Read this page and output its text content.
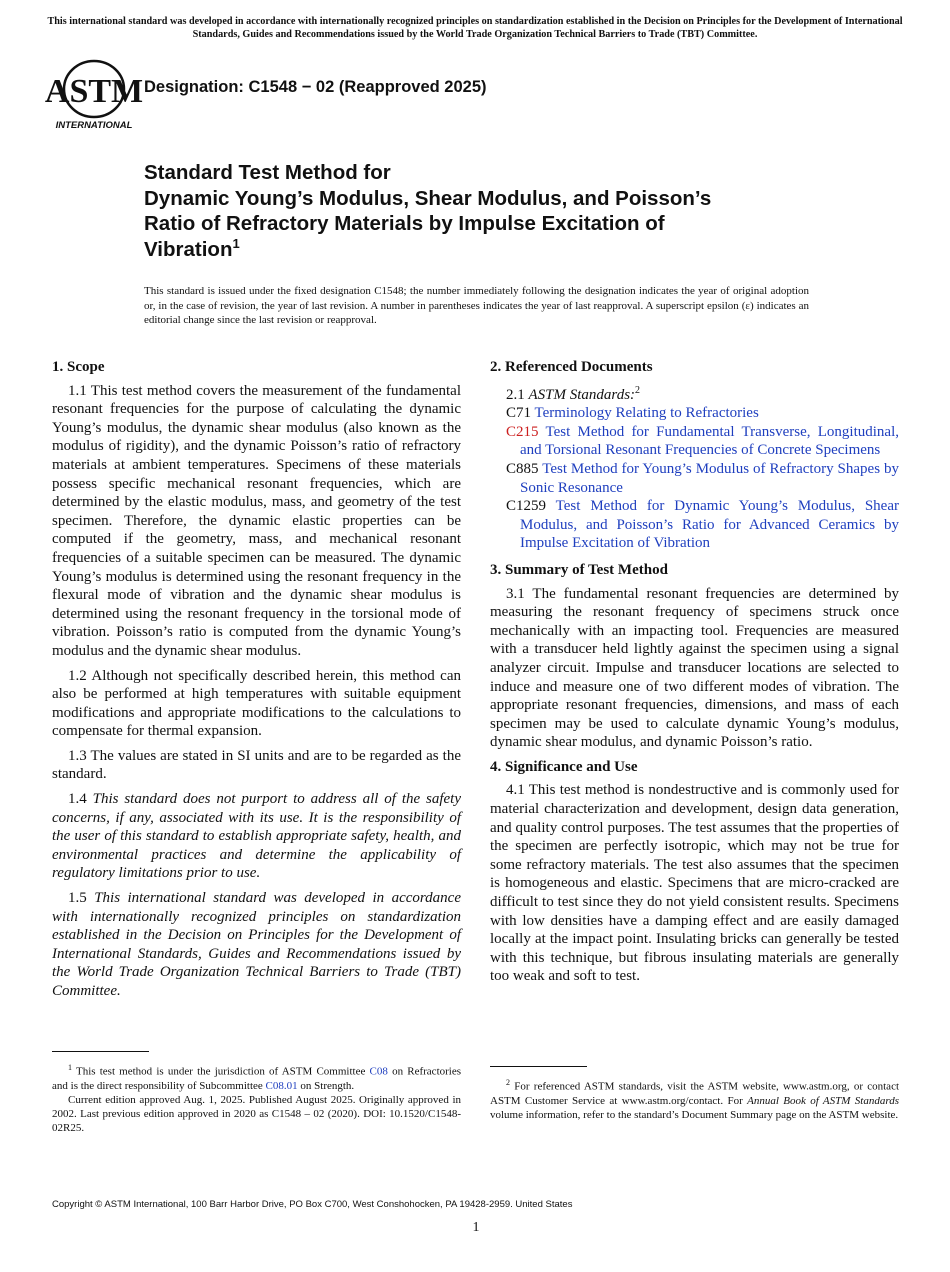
This international standard was developed in accordance with internationally recognized principles on standardization established in the Decision on Principles for the Development of International Standards, Guides and Recommendations issued by the World Trade Organization Technical Barriers to Trade (TBT) Committee.
ASTM
INTERNATIONAL
Designation: C1548 − 02 (Reapproved 2025)
Standard Test Method for
Dynamic Young’s Modulus, Shear Modulus, and Poisson’s
Ratio of Refractory Materials by Impulse Excitation of
Vibration$^1$
This standard is issued under the fixed designation C1548; the number immediately following the designation indicates the year of original adoption or, in the case of revision, the year of last revision. A number in parentheses indicates the year of last reapproval. A superscript epsilon (ε) indicates an editorial change since the last revision or reapproval.
1. Scope

1.1 This test method covers the measurement of the fundamental resonant frequencies for the purpose of calculating the dynamic Young’s modulus, the dynamic shear modulus (also known as the modulus of rigidity), and the dynamic Poisson’s ratio of refractory materials at ambient temperatures. Specimens of these materials possess specific mechanical resonant frequencies, which are determined by the elastic modulus, mass, and geometry of the test specimen. Therefore, the dynamic elastic properties can be computed if the geometry, mass, and mechanical resonant frequencies of a suitable specimen can be measured. The dynamic Young’s modulus is determined using the resonant frequency in the flexural mode of vibration and the dynamic shear modulus is determined using the resonant frequency in the torsional mode of vibration. Poisson’s ratio is computed from the dynamic Young’s modulus and the dynamic shear modulus.

1.2 Although not specifically described herein, this method can also be performed at high temperatures with suitable equipment modifications and appropriate modifications to the calculations to compensate for thermal expansion.

1.3 The values are stated in SI units and are to be regarded as the standard.

1.4 This standard does not purport to address all of the safety concerns, if any, associated with its use. It is the responsibility of the user of this standard to establish appropriate safety, health, and environmental practices and determine the applicability of regulatory limitations prior to use.

1.5 This international standard was developed in accordance with internationally recognized principles on standardization established in the Decision on Principles for the Development of International Standards, Guides and Recommendations issued by the World Trade Organization Technical Barriers to Trade (TBT) Committee.

$^1$ This test method is under the jurisdiction of ASTM Committee C08 on Refractories and is the direct responsibility of Subcommittee C08.01 on Strength.

Current edition approved Aug. 1, 2025. Published August 2025. Originally approved in 2002. Last previous edition approved in 2020 as C1548 – 02 (2020). DOI: 10.1520/C1548-02R25.

2. Referenced Documents

2.1 ASTM Standards:$^2$

C71 Terminology Relating to Refractories

C215 Test Method for Fundamental Transverse, Longitudinal, and Torsional Resonant Frequencies of Concrete Specimens

C885 Test Method for Young’s Modulus of Refractory Shapes by Sonic Resonance

C1259 Test Method for Dynamic Young’s Modulus, Shear Modulus, and Poisson’s Ratio for Advanced Ceramics by Impulse Excitation of Vibration

3. Summary of Test Method

3.1 The fundamental resonant frequencies are determined by measuring the resonant frequency of specimens struck once mechanically with an impacting tool. Frequencies are measured with a transducer held lightly against the specimen using a signal analyzer circuit. Impulse and transducer locations are selected to induce and measure one of two different modes of vibration. The appropriate resonant frequencies, dimensions, and mass of each specimen may be used to calculate dynamic Young’s modulus, dynamic shear modulus, and dynamic Poisson’s ratio.

4. Significance and Use

4.1 This test method is nondestructive and is commonly used for material characterization and development, design data generation, and quality control purposes. The test assumes that the properties of the specimen are perfectly isotropic, which may not be true for some refractory materials. The test also assumes that the specimen is homogeneous and elastic. Specimens that are micro-cracked are difficult to test since they do not yield consistent results. Specimens with low densities have a damping effect and are easily damaged locally at the impact point. Insulating bricks can generally be tested with this technique, but fibrous insulating materials are generally too weak and soft to test.

$^2$ For referenced ASTM standards, visit the ASTM website, www.astm.org, or contact ASTM Customer Service at www.astm.org/contact. For Annual Book of ASTM Standards volume information, refer to the standard’s Document Summary page on the ASTM website.

Copyright © ASTM International, 100 Barr Harbor Drive, PO Box C700, West Conshohocken, PA 19428-2959. United States
1
